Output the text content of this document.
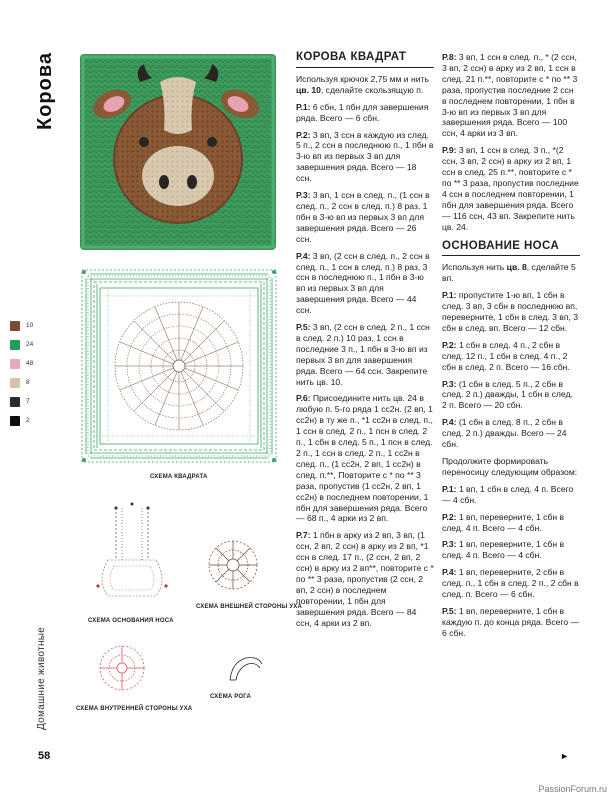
Корова
Домашние животные
58
PassionForum.ru
►
СХЕМА КВАДРАТА
10
24
48
8
7
2
СХЕМА ОСНОВАНИЯ НОСА
СХЕМА ВНЕШНЕЙ СТОРОНЫ УХА
СХЕМА ВНУТРЕННЕЙ СТОРОНЫ УХА
СХЕМА РОГА
КОРОВА КВАДРАТ

Используя крючок 2,75 мм и нить цв. 10, сделайте скользящую п.

Р.1: 6 сбн, 1 пбн для завершения ряда. Всего — 6 сбн.

Р.2: 3 вп, 3 ссн в каждую из след. 5 п., 2 ссн в последнюю п., 1 пбн в 3-ю вп из первых 3 вп для завершения ряда. Всего — 18 ссн.

Р.3: 3 вп, 1 ссн в след. п., (1 ссн в след. п., 2 ссн в след. п.) 8 раз, 1 пбн в 3-ю вп из первых 3 вп для завершения ряда. Всего — 26 ссн.

Р.4: 3 вп, (2 ссн в след. п., 2 ссн в след. п., 1 ссн в след. п.) 8 раз, 3 ссн в последнюю п., 1 пбн в 3-ю вп из первых 3 вп для завершения ряда. Всего — 44 ссн.

Р.5: 3 вп, (2 ссн в след. 2 п., 1 ссн в след. 2 п.) 10 раз, 1 ссн в последние 3 п., 1 пбн в 3-ю вп из первых 3 вп для завершения ряда. Всего — 64 ссн. Закрепите нить цв. 10.

Р.6: Присоедините нить цв. 24 в любую п. 5-го ряда 1 сс2н. (2 вп, 1 сс2н) в ту же п., *1 сс2н в след. п., 1 ссн в след. 2 п., 1 псн в след. 2 п., 1 сбн в след. 5 п., 1 псн в след. 2 п., 1 ссн в след. 2 п., 1 сс2н в след. п., (1 сс2н, 2 вп, 1 сс2н) в след. п.**, Повторите с * по ** 3 раза, пропустив (1 сс2н, 2 вп, 1 сс2н) в последнем повторении, 1 пбн для завершения ряда. Всего — 68 п., 4 арки из 2 вп.

Р.7: 1 пбн в арку из 2 вп, 3 вп, (1 ссн, 2 вп, 2 ссн) в арку из 2 вп, *1 ссн в след. 17 п., (2 ссн, 2 вп, 2 ссн) в арку из 2 вп**, повторите с * по ** 3 раза, пропустив (2 ссн, 2 вп, 2 ссн) в последнем повторении, 1 пбн для завершения ряда. Всего — 84 ссн, 4 арки из 2 вп.

Р.8: 3 вп, 1 ссн в след. п., * (2 ссн, 3 вп, 2 ссн) в арку из 2 вп, 1 ссн в след. 21 п.**, повторите с * по ** 3 раза, пропустив последние 2 ссн в последнем повторении, 1 пбн в 3-ю вп из первых 3 вп для завершения ряда. Всего — 100 ссн, 4 арки из 3 вп.

Р.9: 3 вп, 1 ссн в след. 3 п., *(2 ссн, 3 вп, 2 ссн) в арку из 2 вп, 1 ссн в след. 25 п.**, повторите с * по ** 3 раза, пропустив последние 4 ссн в последнем повторении, 1 пбн для завершения ряда. Всего — 116 ссн, 43 вп. Закрепите нить цв. 24.

ОСНОВАНИЕ НОСА

Используя нить цв. 8, сделайте 5 вп.

Р.1: пропустите 1-ю вп, 1 сбн в след. 3 вп, 3 сбн в последнюю вп, переверните, 1 сбн в след. 3 вп, 3 сбн в след. вп. Всего — 12 сбн.

Р.2: 1 сбн в след. 4 п., 2 сбн в след. 12 п., 1 сбн в след. 4 п., 2 сбн в след. 2 п. Всего — 16 сбн.

Р.3: (1 сбн в след. 5 п., 2 сбн в след. 2 п.) дважды, 1 сбн в след. 2 п. Всего — 20 сбн.

Р.4: (1 сбн в след. 8 п., 2 сбн в след. 2 п.) дважды. Всего — 24 сбн.

Продолжите формировать переносицу следующим образом:

Р.1: 1 вп, 1 сбн в след. 4 п. Всего — 4 сбн.

Р.2: 1 вп, переверните, 1 сбн в след. 4 п. Всего — 4 сбн.

Р.3: 1 вп, переверните, 1 сбн в след. 4 п. Всего — 4 сбн.

Р.4: 1 вп, переверните, 2 сбн в след. п., 1 сбн в след. 2 п., 2 сбн в след. п. Всего — 6 сбн.

Р.5: 1 вп, переверните, 1 сбн в каждую п. до конца ряда. Всего — 6 сбн.
